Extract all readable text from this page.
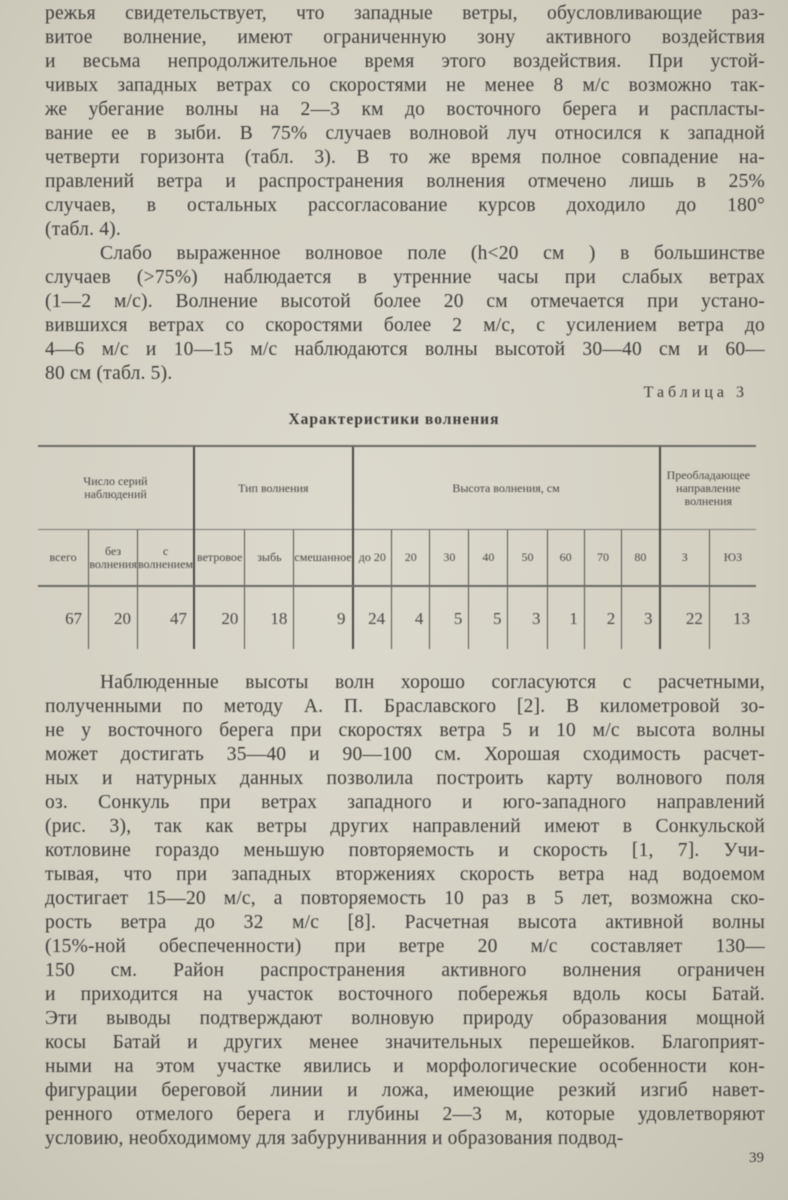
режья свидетельствует, что западные ветры, обусловливающие раз-
витое волнение, имеют ограниченную зону активного воздействия
и весьма непродолжительное время этого воздействия. При устой-
чивых западных ветрах со скоростями не менее 8 м/с возможно так-
же убегание волны на 2—3 км до восточного берега и распласты-
вание ее в зыби. В 75% случаев волновой луч относился к западной
четверти горизонта (табл. 3). В то же время полное совпадение на-
правлений ветра и распространения волнения отмечено лишь в 25%
случаев, в остальных рассогласование курсов доходило до 180°
(табл. 4).
Слабо выраженное волновое поле (h<20 см ) в большинстве
случаев (>75%) наблюдается в утренние часы при слабых ветрах
(1—2 м/с). Волнение высотой более 20 см отмечается при устано-
вившихся ветрах со скоростями более 2 м/с, с усилением ветра до
4—6 м/с и 10—15 м/с наблюдаются волны высотой 30—40 см и 60—
80 см (табл. 5).
Наблюденные высоты волн хорошо согласуются с расчетными,
полученными по методу А. П. Браславского [2]. В километровой зо-
не у восточного берега при скоростях ветра 5 и 10 м/с высота волны
может достигать 35—40 и 90—100 см. Хорошая сходимость расчет-
ных и натурных данных позволила построить карту волнового поля
оз. Сонкуль при ветрах западного и юго-западного направлений
(рис. 3), так как ветры других направлений имеют в Сонкульской
котловине гораздо меньшую повторяемость и скорость [1, 7]. Учи-
тывая, что при западных вторжениях скорость ветра над водоемом
достигает 15—20 м/с, а повторяемость 10 раз в 5 лет, возможна ско-
рость ветра до 32 м/с [8]. Расчетная высота активной волны
(15%-ной обеспеченности) при ветре 20 м/с составляет 130—
150 см. Район распространения активного волнения ограничен
и приходится на участок восточного побережья вдоль косы Батай.
Эти выводы подтверждают волновую природу образования мощной
косы Батай и других менее значительных перешейков. Благоприят-
ными на этом участке явились и морфологические особенности кон-
фигурации береговой линии и ложа, имеющие резкий изгиб навет-
ренного отмелого берега и глубины 2—3 м, которые удовлетворяют
условию, необходимому для забуруниванния и образования подвод-
Таблица 3
Характеристики волнения
Число серий наблюдений			Тип волнения			Высота волнения, см								Преобладающее направление волнения	
всего	без волнения	с волнением	ветровое	зыбь	смешанное	до 20	20	30	40	50	60	70	80	З	ЮЗ
67	20	47	20	18	9	24	4	5	5	3	1	2	3	22	13
39
